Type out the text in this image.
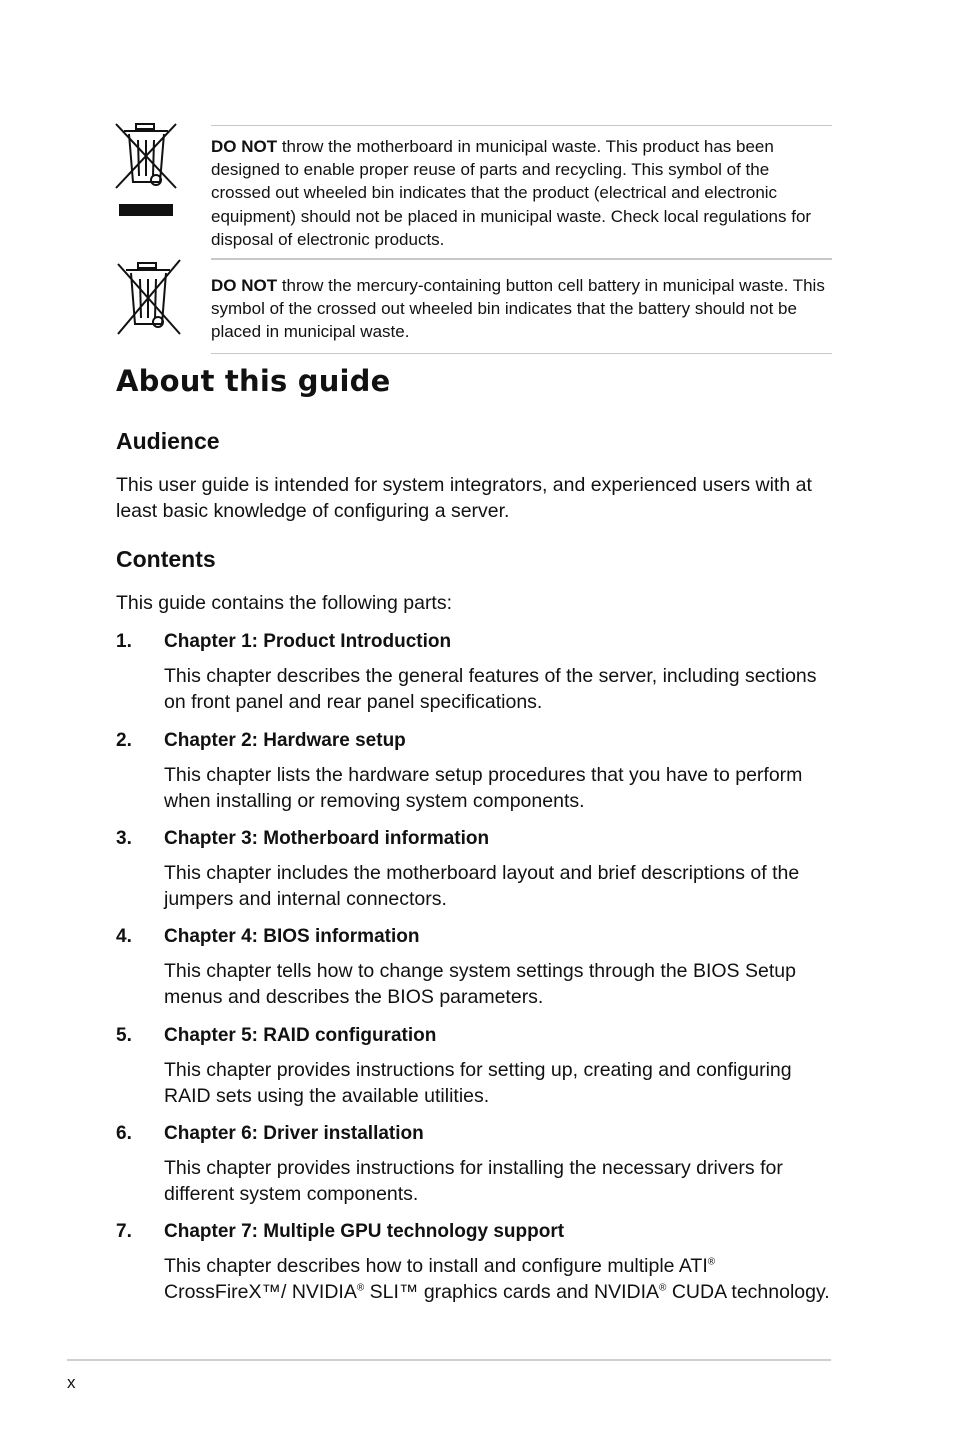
DO NOT throw the motherboard in municipal waste. This product has been designed to enable proper reuse of parts and recycling. This symbol of the crossed out wheeled bin indicates that the product (electrical and electronic equipment) should not be placed in municipal waste. Check local regulations for disposal of electronic products.
DO NOT throw the mercury-containing button cell battery in municipal waste. This symbol of the crossed out wheeled bin indicates that the battery should not be placed in municipal waste.
About this guide
Audience

This user guide is intended for system integrators, and experienced users with at least basic knowledge of configuring a server.

Contents

This guide contains the following parts:

1. Chapter 1: Product Introduction

This chapter describes the general features of the server, including sections on front panel and rear panel specifications.

2. Chapter 2: Hardware setup

This chapter lists the hardware setup procedures that you have to perform when installing or removing system components.

3. Chapter 3: Motherboard information

This chapter includes the motherboard layout and brief descriptions of the jumpers and internal connectors.

4. Chapter 4: BIOS information

This chapter tells how to change system settings through the BIOS Setup menus and describes the BIOS parameters.

5. Chapter 5: RAID configuration

This chapter provides instructions for setting up, creating and configuring RAID sets using the available utilities.

6. Chapter 6: Driver installation

This chapter provides instructions for installing the necessary drivers for different system components.

7. Chapter 7: Multiple GPU technology support

This chapter describes how to install and configure multiple ATI® CrossFireX™/ NVIDIA® SLI™ graphics cards and NVIDIA® CUDA technology.

x
